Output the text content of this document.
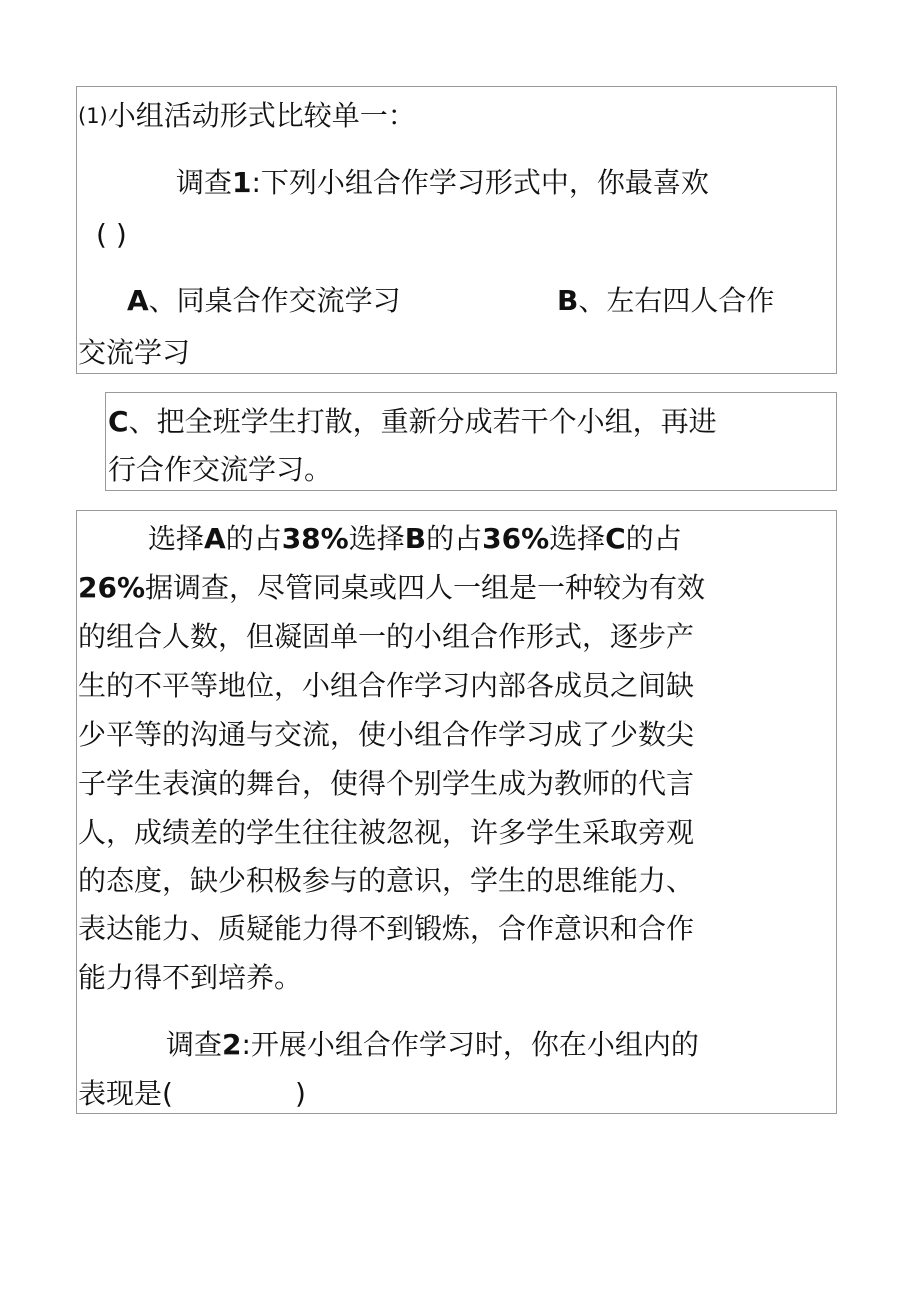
(1)小组活动形式比较单一：
调查1:下列小组合作学习形式中，你最喜欢
( )
A、同桌合作交流学习	B、左右四人合作
交流学习
C、把全班学生打散，重新分成若干个小组，再进
行合作交流学习。
选择A的占38%选择B的占36%选择C的占
26%据调查，尽管同桌或四人一组是一种较为有效
的组合人数，但凝固单一的小组合作形式，逐步产
生的不平等地位，小组合作学习内部各成员之间缺
少平等的沟通与交流，使小组合作学习成了少数尖
子学生表演的舞台，使得个别学生成为教师的代言
人，成绩差的学生往往被忽视，许多学生采取旁观
的态度，缺少积极参与的意识，学生的思维能力、
表达能力、质疑能力得不到锻炼，合作意识和合作
能力得不到培养。
调查2:开展小组合作学习时，你在小组内的
表现是(	)
